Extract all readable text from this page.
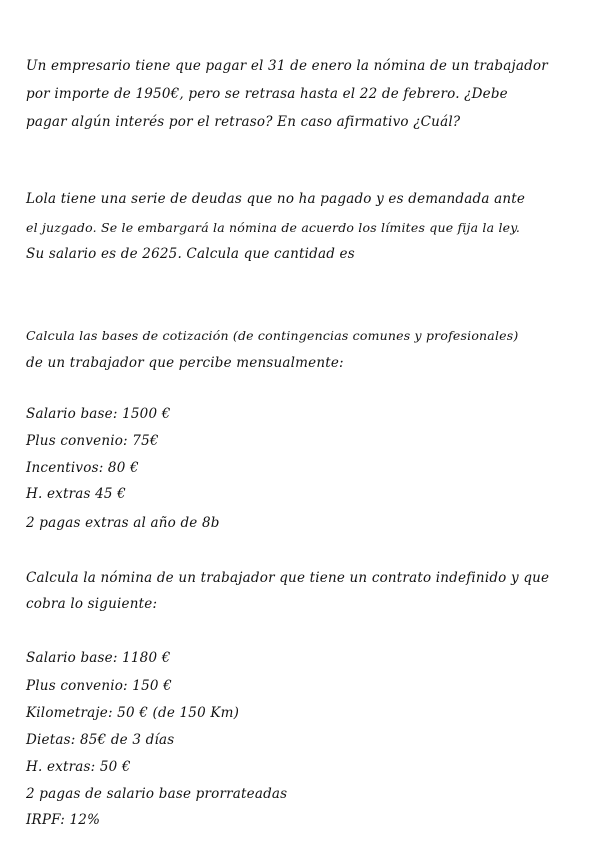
Un empresario tiene que pagar el 31 de enero la nómina de un trabajador
por importe de 1950€, pero se retrasa hasta el 22 de febrero. ¿Debe
pagar algún interés por el retraso? En caso afirmativo ¿Cuál?
Lola tiene una serie de deudas que no ha pagado y es demandada ante
el juzgado. Se le embargará la nómina de acuerdo los límites que fija la ley.
Su salario es de 2625. Calcula que cantidad es
Calcula las bases de cotización (de contingencias comunes y profesionales)
de un trabajador que percibe mensualmente:
Salario base: 1500 €
Plus convenio: 75€
Incentivos: 80 €
H. extras 45 €
2 pagas extras al año de 8b
Calcula la nómina de un trabajador que tiene un contrato indefinido y que
cobra lo siguiente:
Salario base: 1180 €
Plus convenio: 150 €
Kilometraje: 50 € (de 150 Km)
Dietas: 85€ de 3 días
H. extras: 50 €
2 pagas de salario base prorrateadas
IRPF: 12%
